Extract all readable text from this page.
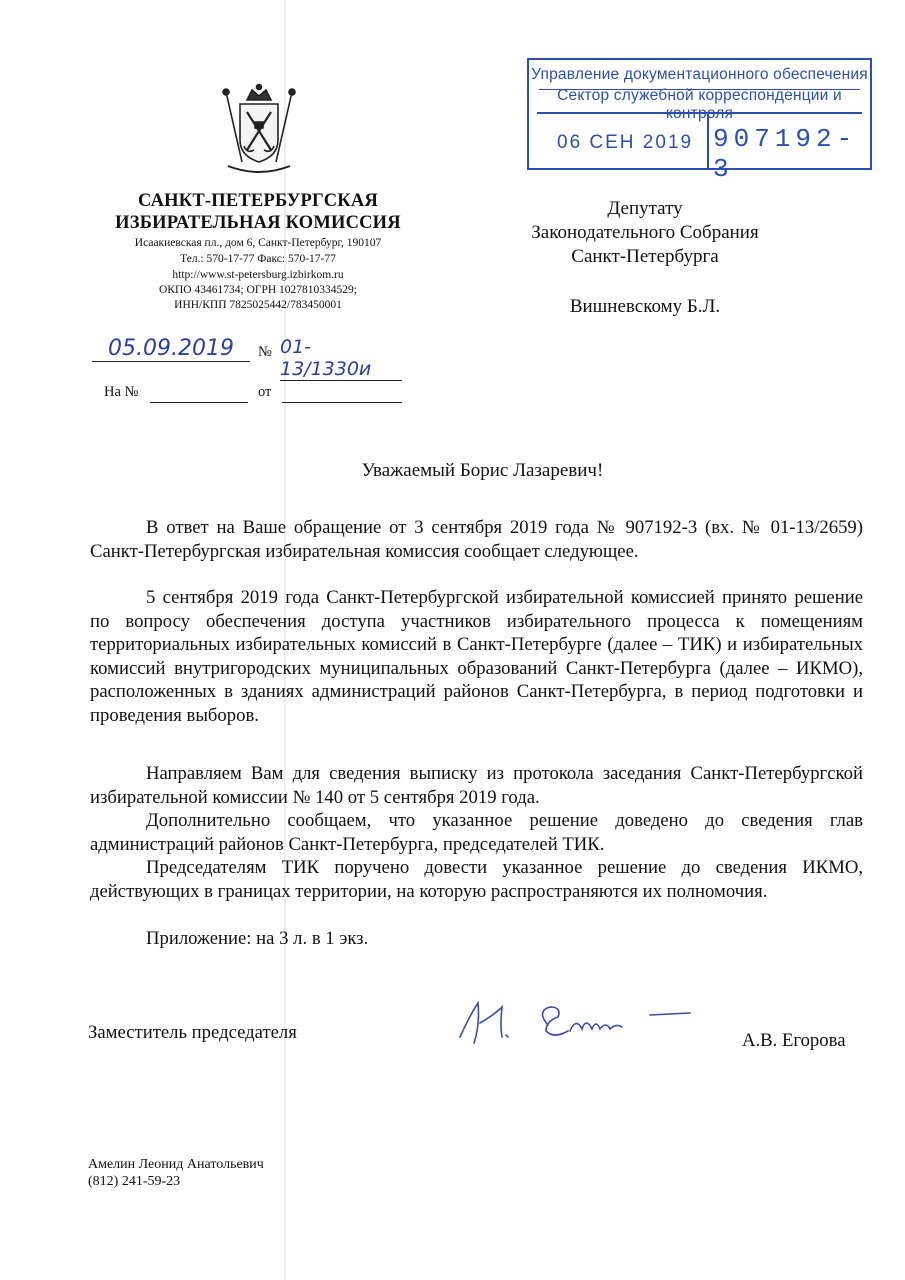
САНКТ-ПЕТЕРБУРГСКАЯ
ИЗБИРАТЕЛЬНАЯ КОМИССИЯ
Исаакиевская пл., дом 6, Санкт-Петербург, 190107
Тел.: 570-17-77 Факс: 570-17-77
http://www.st-petersburg.izbirkom.ru
ОКПО 43461734; ОГРН 1027810334529;
ИНН/КПП 7825025442/783450001
Управление документационного обеспечения
Сектор служебной корреспонденции и контроля
06 СЕН 2019 907192-3
Депутату
Законодательного Собрания
Санкт-Петербурга
Вишневскому Б.Л.
05.09.2019	№ 01-13/1330и
На №	от
Уважаемый Борис Лазаревич!

В ответ на Ваше обращение от 3 сентября 2019 года № 907192-3 (вх. № 01-13/2659) Санкт-Петербургская избирательная комиссия сообщает следующее.

5 сентября 2019 года Санкт-Петербургской избирательной комиссией принято решение по вопросу обеспечения доступа участников избирательного процесса к помещениям территориальных избирательных комиссий в Санкт-Петербурге (далее – ТИК) и избирательных комиссий внутригородских муниципальных образований Санкт-Петербурга (далее – ИКМО), расположенных в зданиях администраций районов Санкт-Петербурга, в период подготовки и проведения выборов.

Направляем Вам для сведения выписку из протокола заседания Санкт-Петербургской избирательной комиссии № 140 от 5 сентября 2019 года.

Дополнительно сообщаем, что указанное решение доведено до сведения глав администраций районов Санкт-Петербурга, председателей ТИК.

Председателям ТИК поручено довести указанное решение до сведения ИКМО, действующих в границах территории, на которую распространяются их полномочия.

Приложение: на 3 л. в 1 экз.
Заместитель председателя	А.В. Егорова
Амелин Леонид Анатольевич
(812) 241-59-23
